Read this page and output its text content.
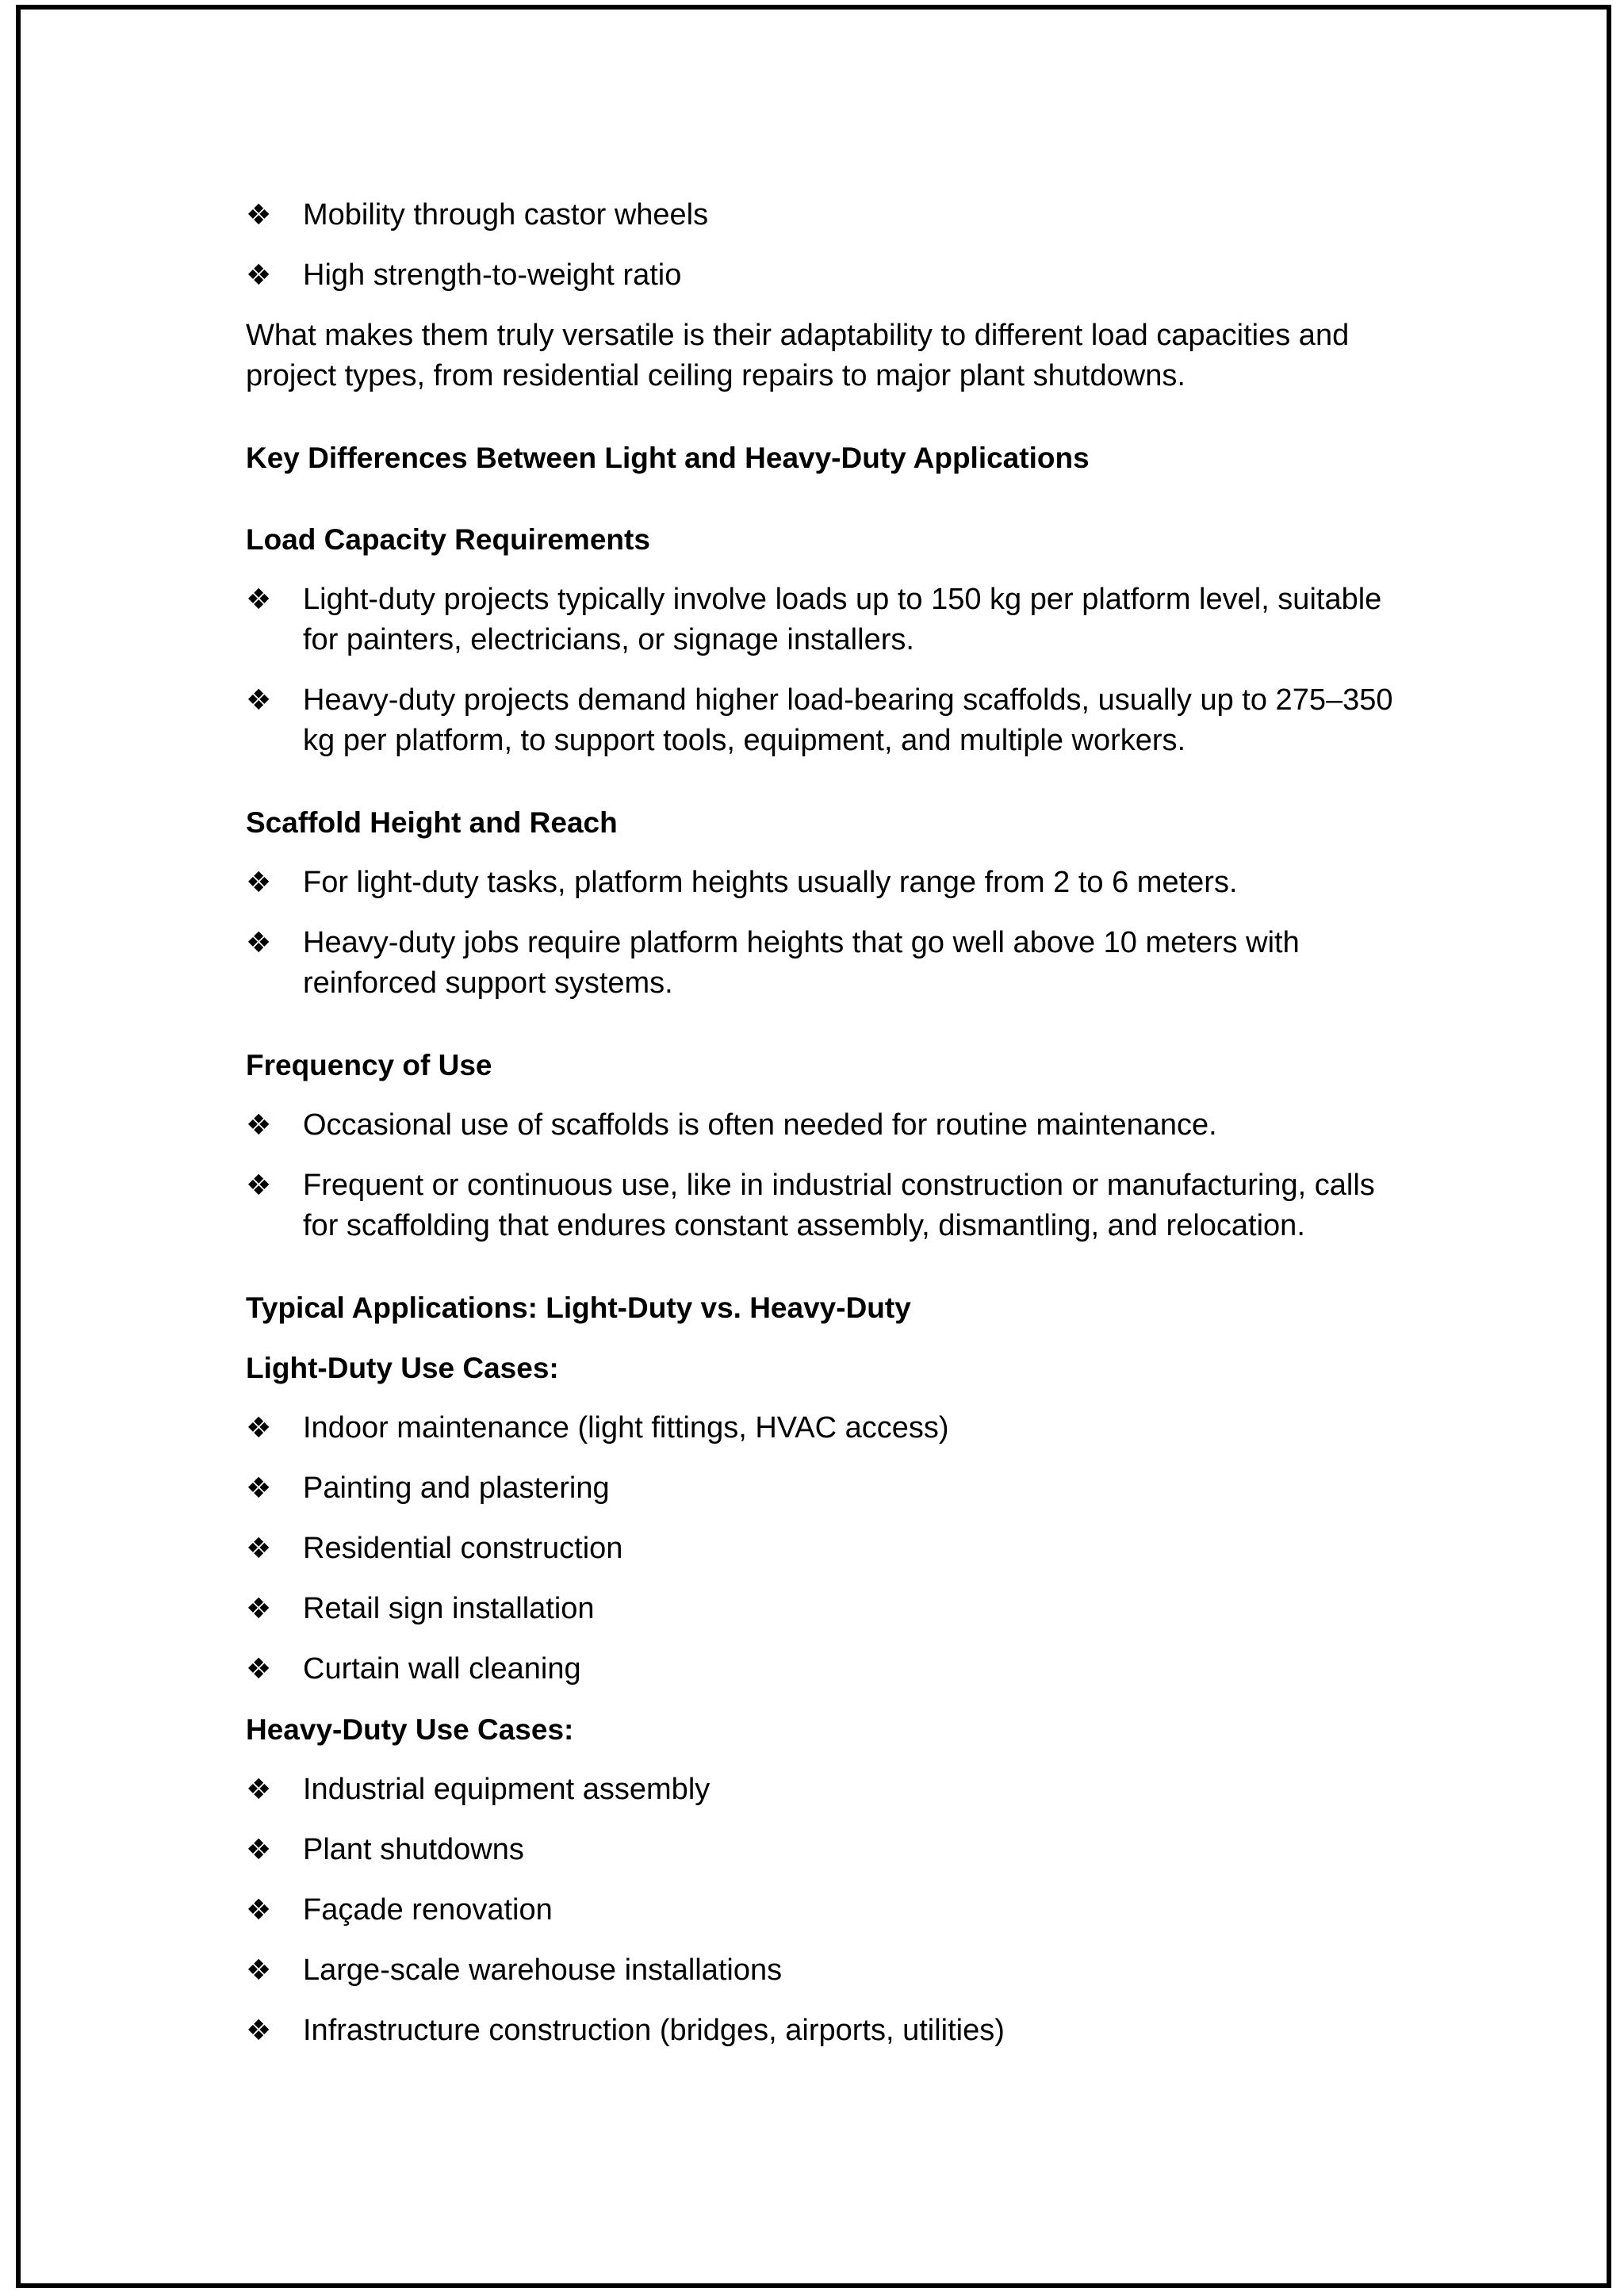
❖ Mobility through castor wheels
❖ High strength-to-weight ratio

What makes them truly versatile is their adaptability to different load capacities and project types, from residential ceiling repairs to major plant shutdowns.

Key Differences Between Light and Heavy-Duty Applications
Load Capacity Requirements
❖ Light-duty projects typically involve loads up to 150 kg per platform level, suitable for painters, electricians, or signage installers.
❖ Heavy-duty projects demand higher load-bearing scaffolds, usually up to 275–350 kg per platform, to support tools, equipment, and multiple workers.
Scaffold Height and Reach
❖ For light-duty tasks, platform heights usually range from 2 to 6 meters.
❖ Heavy-duty jobs require platform heights that go well above 10 meters with reinforced support systems.
Frequency of Use
❖ Occasional use of scaffolds is often needed for routine maintenance.
❖ Frequent or continuous use, like in industrial construction or manufacturing, calls for scaffolding that endures constant assembly, dismantling, and relocation.
Typical Applications: Light-Duty vs. Heavy-Duty
Light-Duty Use Cases:
❖ Indoor maintenance (light fittings, HVAC access)
❖ Painting and plastering
❖ Residential construction
❖ Retail sign installation
❖ Curtain wall cleaning
Heavy-Duty Use Cases:
❖ Industrial equipment assembly
❖ Plant shutdowns
❖ Façade renovation
❖ Large-scale warehouse installations
❖ Infrastructure construction (bridges, airports, utilities)
